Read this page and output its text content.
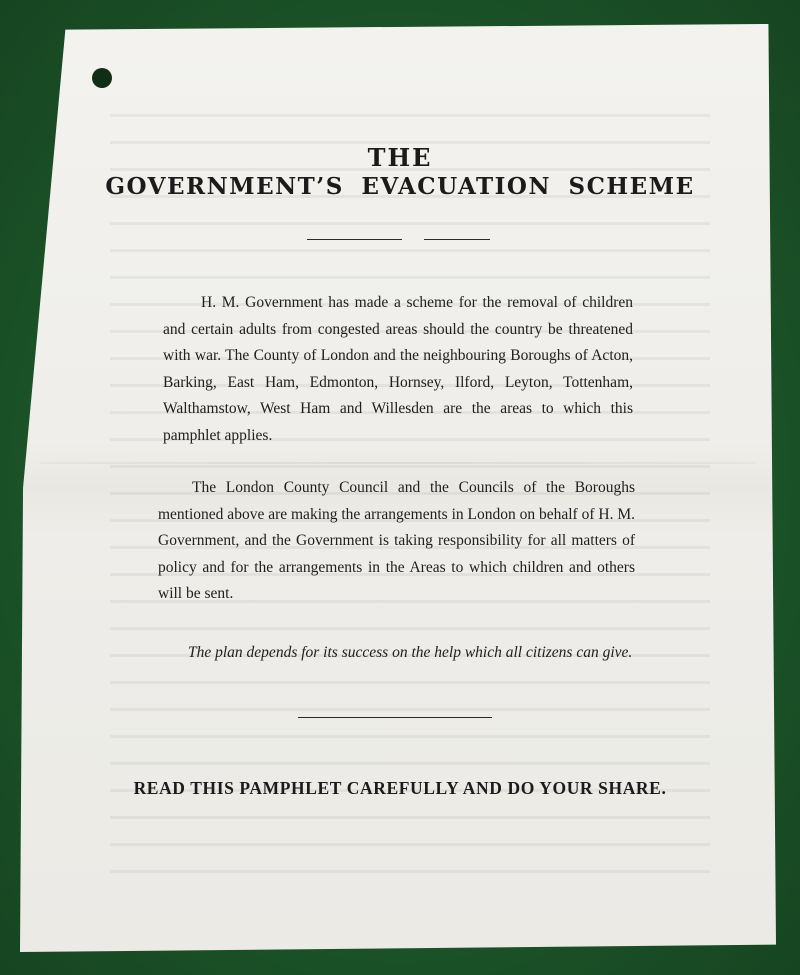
THE
GOVERNMENT’S EVACUATION SCHEME

H. M. Government has made a scheme for the removal of children and certain adults from congested areas should the country be threatened with war. The County of London and the neighbouring Boroughs of Acton, Barking, East Ham, Edmonton, Hornsey, Ilford, Leyton, Tottenham, Walthamstow, West Ham and Willesden are the areas to which this pamphlet applies.

The London County Council and the Councils of the Boroughs mentioned above are making the arrangements in London on behalf of H. M. Government, and the Government is taking responsibility for all matters of policy and for the arrangements in the Areas to which children and others will be sent.

The plan depends for its success on the help which all citizens can give.

READ THIS PAMPHLET CAREFULLY AND DO YOUR SHARE.
